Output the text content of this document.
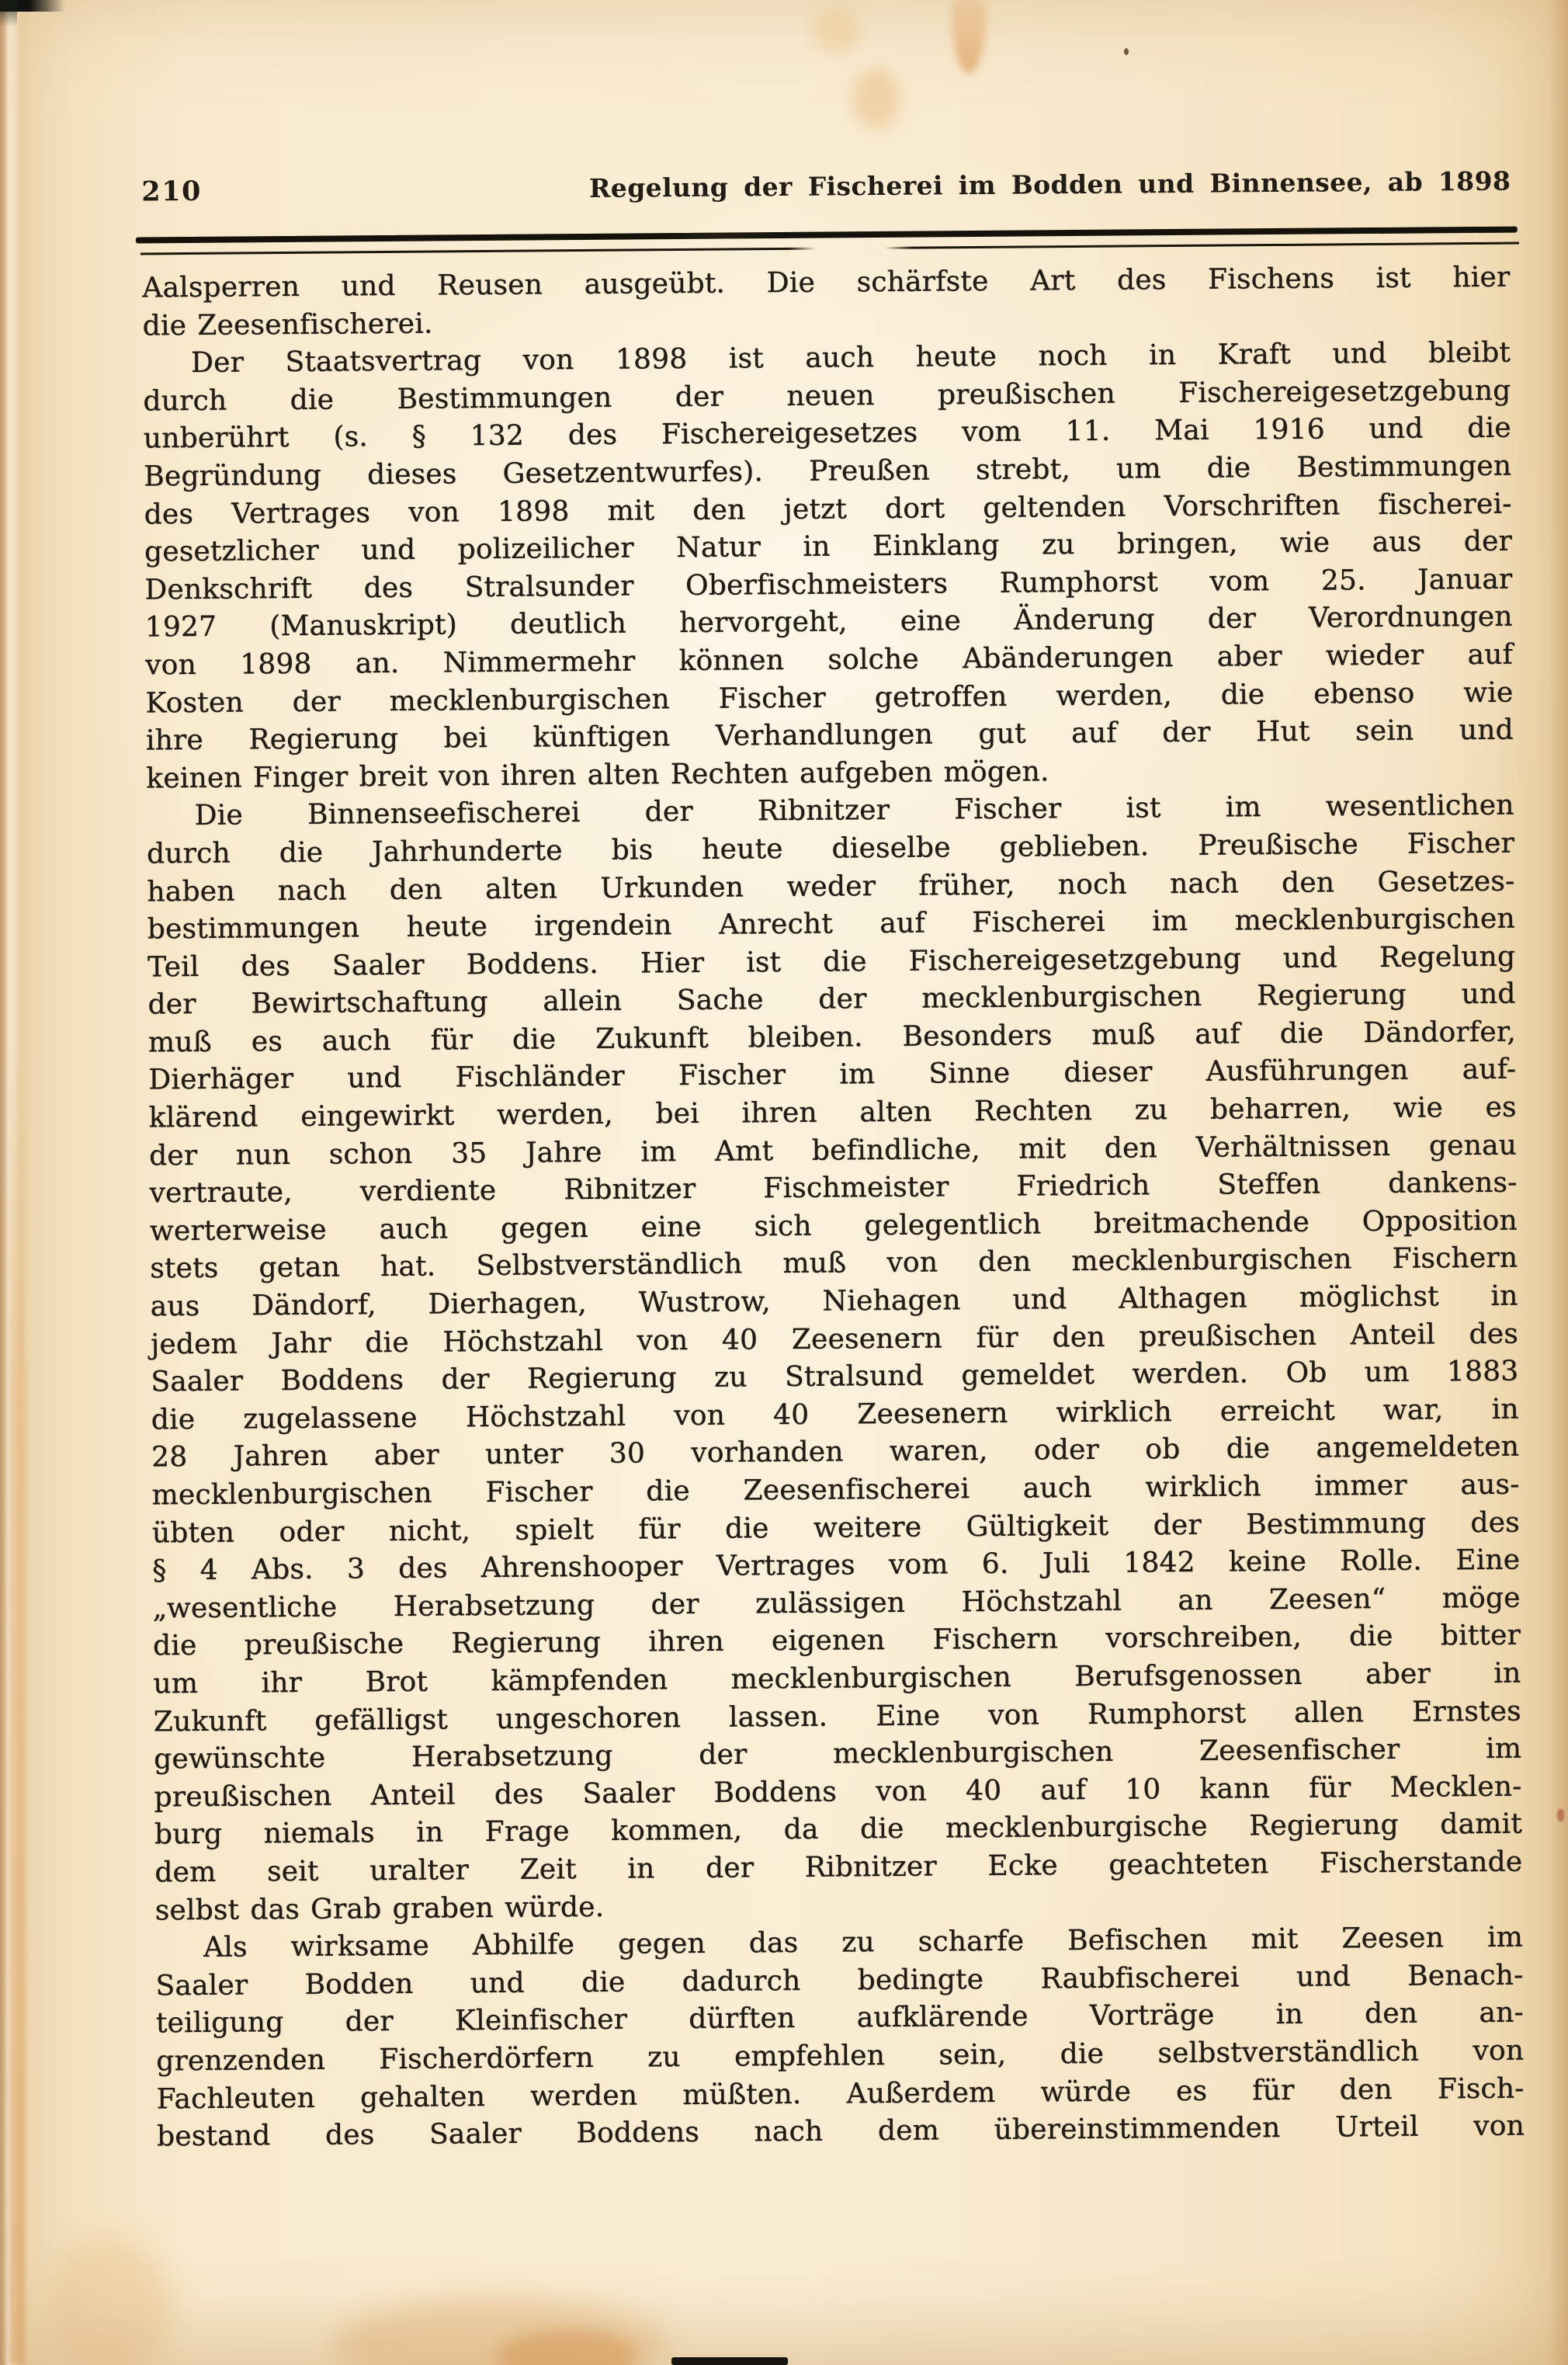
210	Regelung der Fischerei im Bodden und Binnensee, ab 1898
Aalsperren und Reusen ausgeübt. Die schärfste Art des Fischens ist hier
die Zeesenfischerei.
Der Staatsvertrag von 1898 ist auch heute noch in Kraft und bleibt
durch die Bestimmungen der neuen preußischen Fischereigesetzgebung
unberührt (s. § 132 des Fischereigesetzes vom 11. Mai 1916 und die
Begründung dieses Gesetzentwurfes). Preußen strebt, um die Bestimmungen
des Vertrages von 1898 mit den jetzt dort geltenden Vorschriften fischerei-
gesetzlicher und polizeilicher Natur in Einklang zu bringen, wie aus der
Denkschrift des Stralsunder Oberfischmeisters Rumphorst vom 25. Januar
1927 (Manuskript) deutlich hervorgeht, eine Änderung der Verordnungen
von 1898 an. Nimmermehr können solche Abänderungen aber wieder auf
Kosten der mecklenburgischen Fischer getroffen werden, die ebenso wie
ihre Regierung bei künftigen Verhandlungen gut auf der Hut sein und
keinen Finger breit von ihren alten Rechten aufgeben mögen.
Die Binnenseefischerei der Ribnitzer Fischer ist im wesentlichen
durch die Jahrhunderte bis heute dieselbe geblieben. Preußische Fischer
haben nach den alten Urkunden weder früher, noch nach den Gesetzes-
bestimmungen heute irgendein Anrecht auf Fischerei im mecklenburgischen
Teil des Saaler Boddens. Hier ist die Fischereigesetzgebung und Regelung
der Bewirtschaftung allein Sache der mecklenburgischen Regierung und
muß es auch für die Zukunft bleiben. Besonders muß auf die Dändorfer,
Dierhäger und Fischländer Fischer im Sinne dieser Ausführungen auf-
klärend eingewirkt werden, bei ihren alten Rechten zu beharren, wie es
der nun schon 35 Jahre im Amt befindliche, mit den Verhältnissen genau
vertraute, verdiente Ribnitzer Fischmeister Friedrich Steffen dankens-
werterweise auch gegen eine sich gelegentlich breitmachende Opposition
stets getan hat. Selbstverständlich muß von den mecklenburgischen Fischern
aus Dändorf, Dierhagen, Wustrow, Niehagen und Althagen möglichst in
jedem Jahr die Höchstzahl von 40 Zeesenern für den preußischen Anteil des
Saaler Boddens der Regierung zu Stralsund gemeldet werden. Ob um 1883
die zugelassene Höchstzahl von 40 Zeesenern wirklich erreicht war, in
28 Jahren aber unter 30 vorhanden waren, oder ob die angemeldeten
mecklenburgischen Fischer die Zeesenfischerei auch wirklich immer aus-
übten oder nicht, spielt für die weitere Gültigkeit der Bestimmung des
§ 4 Abs. 3 des Ahrenshooper Vertrages vom 6. Juli 1842 keine Rolle. Eine
„wesentliche Herabsetzung der zulässigen Höchstzahl an Zeesen“ möge
die preußische Regierung ihren eigenen Fischern vorschreiben, die bitter
um ihr Brot kämpfenden mecklenburgischen Berufsgenossen aber in
Zukunft gefälligst ungeschoren lassen. Eine von Rumphorst allen Ernstes
gewünschte Herabsetzung der mecklenburgischen Zeesenfischer im
preußischen Anteil des Saaler Boddens von 40 auf 10 kann für Mecklen-
burg niemals in Frage kommen, da die mecklenburgische Regierung damit
dem seit uralter Zeit in der Ribnitzer Ecke geachteten Fischerstande
selbst das Grab graben würde.
Als wirksame Abhilfe gegen das zu scharfe Befischen mit Zeesen im
Saaler Bodden und die dadurch bedingte Raubfischerei und Benach-
teiligung der Kleinfischer dürften aufklärende Vorträge in den an-
grenzenden Fischerdörfern zu empfehlen sein, die selbstverständlich von
Fachleuten gehalten werden müßten. Außerdem würde es für den Fisch-
bestand des Saaler Boddens nach dem übereinstimmenden Urteil von
